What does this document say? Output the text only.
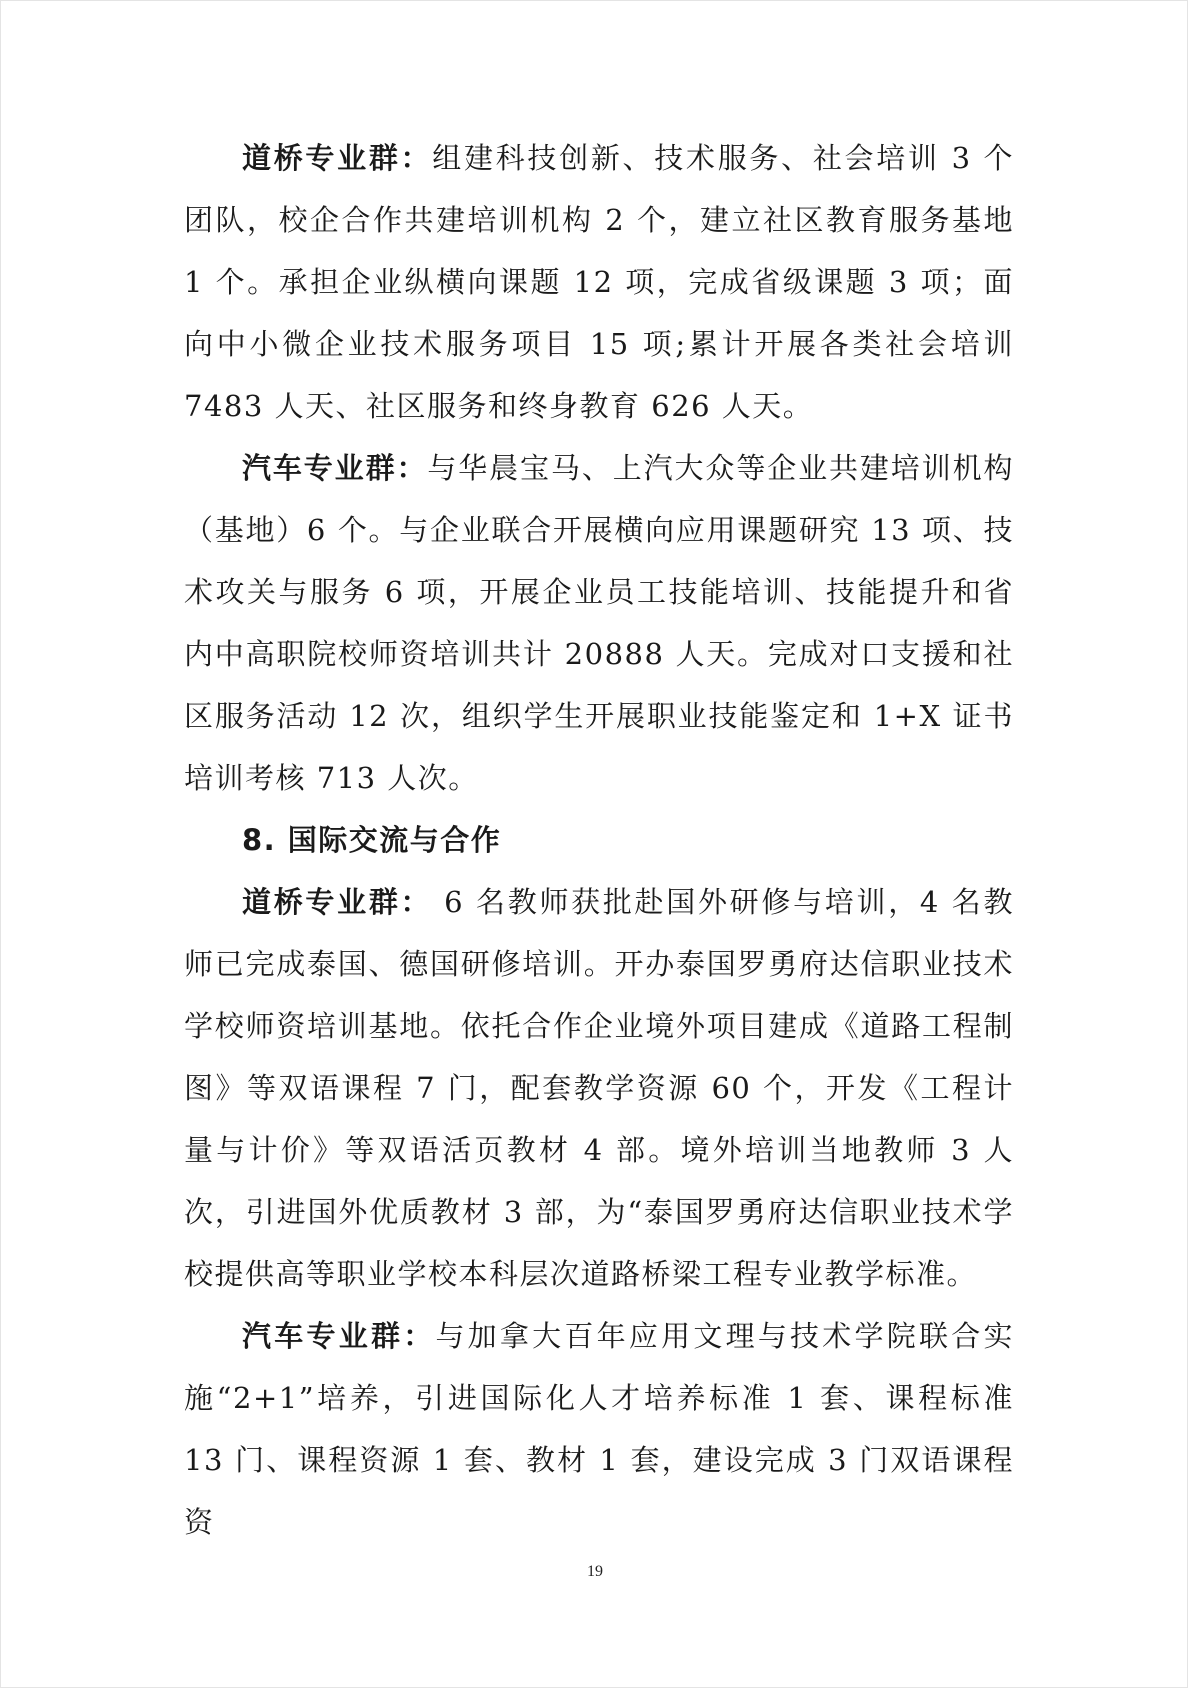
道桥专业群：组建科技创新、技术服务、社会培训 3 个团队，校企合作共建培训机构 2 个，建立社区教育服务基地 1 个。承担企业纵横向课题 12 项，完成省级课题 3 项；面向中小微企业技术服务项目 15 项;累计开展各类社会培训 7483 人天、社区服务和终身教育 626 人天。

汽车专业群：与华晨宝马、上汽大众等企业共建培训机构（基地）6 个。与企业联合开展横向应用课题研究 13 项、技术攻关与服务 6 项，开展企业员工技能培训、技能提升和省内中高职院校师资培训共计 20888 人天。完成对口支援和社区服务活动 12 次，组织学生开展职业技能鉴定和 1+X 证书培训考核 713 人次。

8. 国际交流与合作

道桥专业群： 6 名教师获批赴国外研修与培训，4 名教师已完成泰国、德国研修培训。开办泰国罗勇府达信职业技术学校师资培训基地。依托合作企业境外项目建成《道路工程制图》等双语课程 7 门，配套教学资源 60 个，开发《工程计量与计价》等双语活页教材 4 部。境外培训当地教师 3 人次，引进国外优质教材 3 部，为“泰国罗勇府达信职业技术学校提供高等职业学校本科层次道路桥梁工程专业教学标准。

汽车专业群：与加拿大百年应用文理与技术学院联合实施“2+1”培养，引进国际化人才培养标准 1 套、课程标准 13 门、课程资源 1 套、教材 1 套，建设完成 3 门双语课程资

19
